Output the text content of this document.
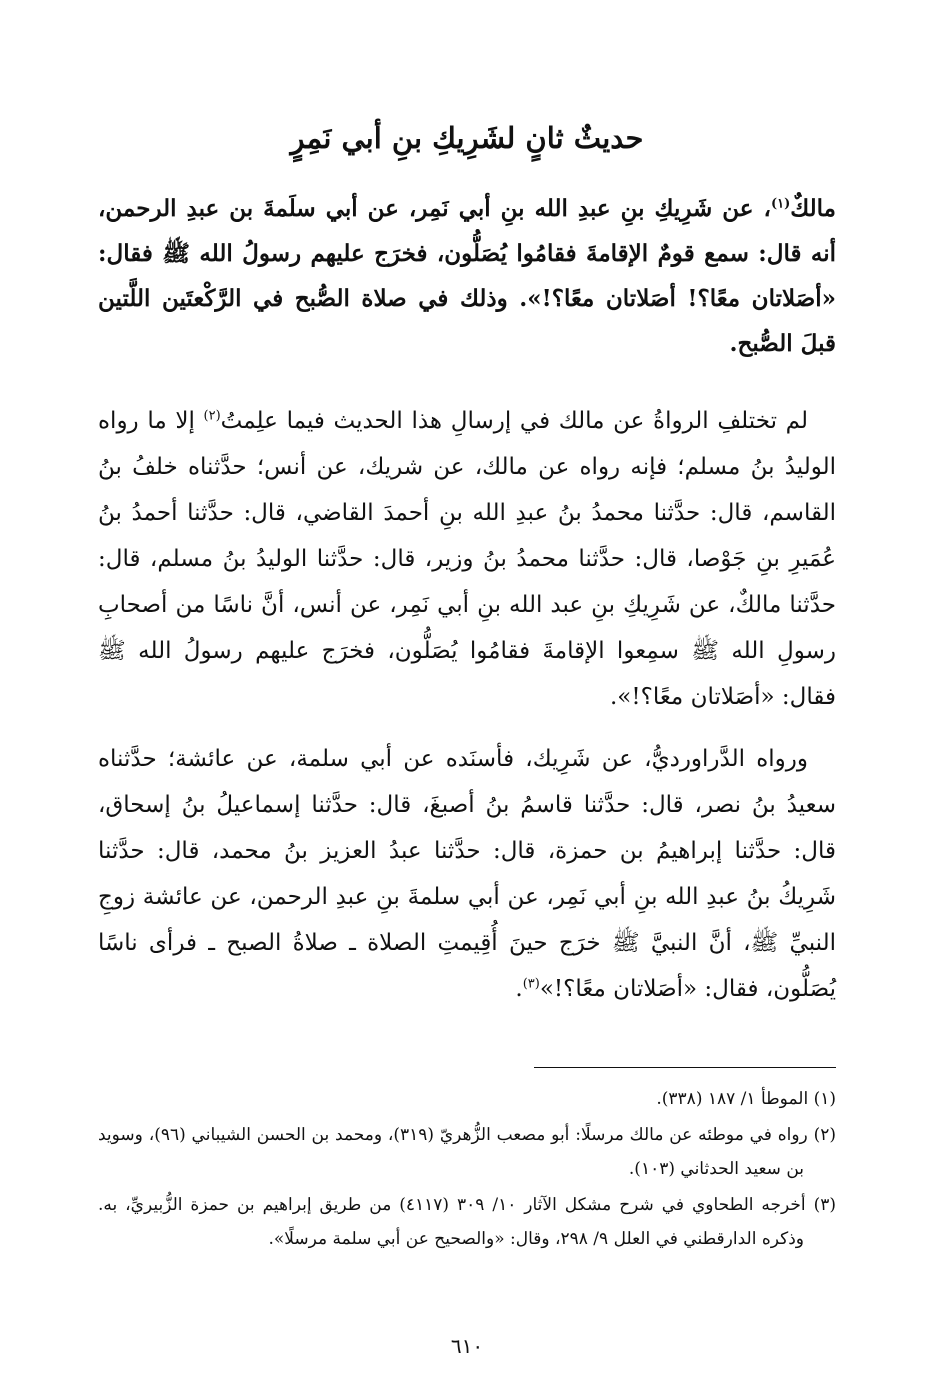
حديثٌ ثانٍ لشَرِيكِ بنِ أبي نَمِرٍ

مالكٌ$^{(١)}$، عن شَرِيكِ بنِ عبدِ الله بنِ أبي نَمِر، عن أبي سلَمةَ بن عبدِ الرحمن، أنه قال: سمع قومٌ الإقامةَ فقامُوا يُصَلُّون، فخرَج عليهم رسولُ الله ﷺ فقال: «أصَلاتان معًا؟! أصَلاتان معًا؟!». وذلك في صلاة الصُّبح في الرَّكْعتَين اللَّتين قبلَ الصُّبح.

لم تختلفِ الرواةُ عن مالك في إرسالِ هذا الحديث فيما علِمتُ$^{(٢)}$ إلا ما رواه الوليدُ بنُ مسلم؛ فإنه رواه عن مالك، عن شريك، عن أنس؛ حدَّثناه خلفُ بنُ القاسم، قال: حدَّثنا محمدُ بنُ عبدِ الله بنِ أحمدَ القاضي، قال: حدَّثنا أحمدُ بنُ عُمَيرِ بنِ جَوْصا، قال: حدَّثنا محمدُ بنُ وزير، قال: حدَّثنا الوليدُ بنُ مسلم، قال: حدَّثنا مالكٌ، عن شَرِيكِ بنِ عبد الله بنِ أبي نَمِر، عن أنس، أنَّ ناسًا من أصحابِ رسولِ الله ﷺ سمِعوا الإقامةَ فقامُوا يُصَلُّون، فخرَج عليهم رسولُ الله ﷺ فقال: «أصَلاتان معًا؟!».

ورواه الدَّراورديُّ، عن شَرِيك، فأسنَده عن أبي سلمة، عن عائشة؛ حدَّثناه سعيدُ بنُ نصر، قال: حدَّثنا قاسمُ بنُ أصبغَ، قال: حدَّثنا إسماعيلُ بنُ إسحاق، قال: حدَّثنا إبراهيمُ بن حمزة، قال: حدَّثنا عبدُ العزيز بنُ محمد، قال: حدَّثنا شَرِيكُ بنُ عبدِ الله بنِ أبي نَمِر، عن أبي سلمةَ بنِ عبدِ الرحمن، عن عائشة زوجِ النبيِّ ﷺ، أنَّ النبيَّ ﷺ خرَج حينَ أُقِيمتِ الصلاة ـ صلاةُ الصبح ـ فرأى ناسًا يُصَلُّون، فقال: «أصَلاتان معًا؟!»$^{(٣)}$.

(١) الموطأ ١/ ١٨٧ (٣٣٨).

(٢) رواه في موطئه عن مالك مرسلًا: أبو مصعب الزُّهريّ (٣١٩)، ومحمد بن الحسن الشيباني (٩٦)، وسويد بن سعيد الحدثاني (١٠٣).

(٣) أخرجه الطحاوي في شرح مشكل الآثار ١٠/ ٣٠٩ (٤١١٧) من طريق إبراهيم بن حمزة الزُّبيريِّ، به. وذكره الدارقطني في العلل ٩/ ٢٩٨، وقال: «والصحيح عن أبي سلمة مرسلًا».

٦١٠
